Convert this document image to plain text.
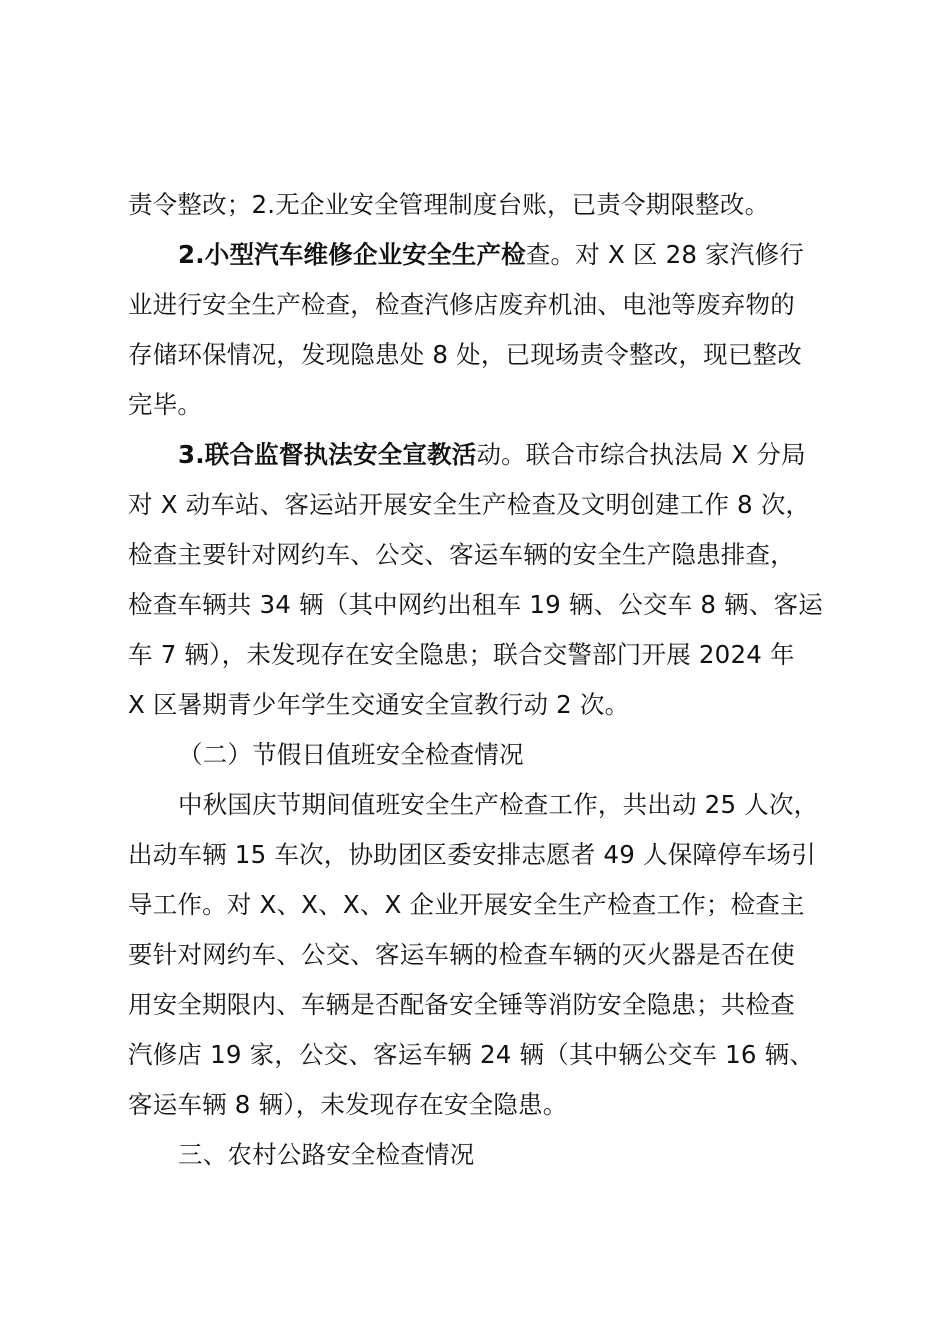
责令整改；2.无企业安全管理制度台账，已责令期限整改。
2.小型汽车维修企业安全生产检查。对 X 区 28 家汽修行
业进行安全生产检查，检查汽修店废弃机油、电池等废弃物的
存储环保情况，发现隐患处 8 处，已现场责令整改，现已整改
完毕。
3.联合监督执法安全宣教活动。联合市综合执法局 X 分局
对 X 动车站、客运站开展安全生产检查及文明创建工作 8 次，
检查主要针对网约车、公交、客运车辆的安全生产隐患排查，
检查车辆共 34 辆（其中网约出租车 19 辆、公交车 8 辆、客运
车 7 辆），未发现存在安全隐患；联合交警部门开展 2024 年
X 区暑期青少年学生交通安全宣教行动 2 次。
（二）节假日值班安全检查情况
中秋国庆节期间值班安全生产检查工作，共出动 25 人次，
出动车辆 15 车次，协助团区委安排志愿者 49 人保障停车场引
导工作。对 X、X、X、X 企业开展安全生产检查工作；检查主
要针对网约车、公交、客运车辆的检查车辆的灭火器是否在使
用安全期限内、车辆是否配备安全锤等消防安全隐患；共检查
汽修店 19 家，公交、客运车辆 24 辆（其中辆公交车 16 辆、
客运车辆 8 辆），未发现存在安全隐患。
三、农村公路安全检查情况
